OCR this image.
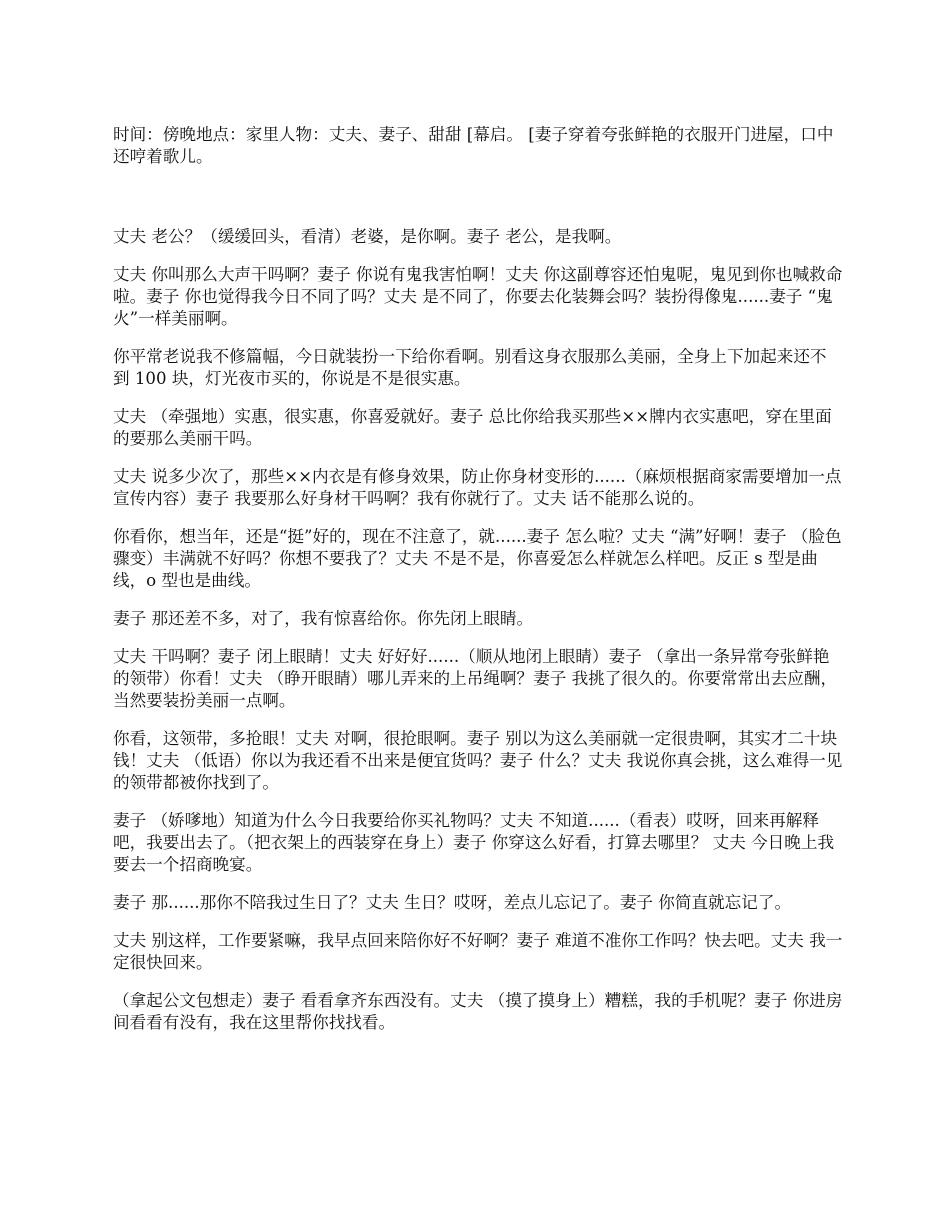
时间：傍晚地点：家里人物：丈夫、妻子、甜甜 [幕启。 [妻子穿着夸张鲜艳的衣服开门进屋，口中还哼着歌儿。

丈夫 老公？（缓缓回头，看清）老婆，是你啊。妻子 老公，是我啊。

丈夫 你叫那么大声干吗啊？妻子 你说有鬼我害怕啊！丈夫 你这副尊容还怕鬼呢，鬼见到你也喊救命啦。妻子 你也觉得我今日不同了吗？丈夫 是不同了，你要去化装舞会吗？装扮得像鬼......妻子 “鬼火”一样美丽啊。

你平常老说我不修篇幅，今日就装扮一下给你看啊。别看这身衣服那么美丽，全身上下加起来还不到 100 块，灯光夜市买的，你说是不是很实惠。

丈夫 （牵强地）实惠，很实惠，你喜爱就好。妻子 总比你给我买那些××牌内衣实惠吧，穿在里面的要那么美丽干吗。

丈夫 说多少次了，那些××内衣是有修身效果，防止你身材变形的......（麻烦根据商家需要增加一点宣传内容）妻子 我要那么好身材干吗啊？我有你就行了。丈夫 话不能那么说的。

你看你，想当年，还是“挺”好的，现在不注意了，就......妻子 怎么啦？丈夫 “满”好啊！妻子 （脸色骤变）丰满就不好吗？你想不要我了？丈夫 不是不是，你喜爱怎么样就怎么样吧。反正 s 型是曲线，o 型也是曲线。

妻子 那还差不多，对了，我有惊喜给你。你先闭上眼睛。

丈夫 干吗啊？妻子 闭上眼睛！丈夫 好好好......（顺从地闭上眼睛）妻子 （拿出一条异常夸张鲜艳的领带）你看！丈夫 （睁开眼睛）哪儿弄来的上吊绳啊？妻子 我挑了很久的。你要常常出去应酬，当然要装扮美丽一点啊。

你看，这领带，多抢眼！丈夫 对啊，很抢眼啊。妻子 别以为这么美丽就一定很贵啊，其实才二十块钱！丈夫 （低语）你以为我还看不出来是便宜货吗？妻子 什么？丈夫 我说你真会挑，这么难得一见的领带都被你找到了。

妻子 （娇嗲地）知道为什么今日我要给你买礼物吗？丈夫 不知道......（看表）哎呀，回来再解释吧，我要出去了。（把衣架上的西装穿在身上）妻子 你穿这么好看，打算去哪里？ 丈夫 今日晚上我要去一个招商晚宴。

妻子 那......那你不陪我过生日了？丈夫 生日？哎呀，差点儿忘记了。妻子 你简直就忘记了。

丈夫 别这样，工作要紧嘛，我早点回来陪你好不好啊？妻子 难道不准你工作吗？快去吧。丈夫 我一定很快回来。

（拿起公文包想走）妻子 看看拿齐东西没有。丈夫 （摸了摸身上）糟糕，我的手机呢？妻子 你进房间看看有没有，我在这里帮你找找看。
